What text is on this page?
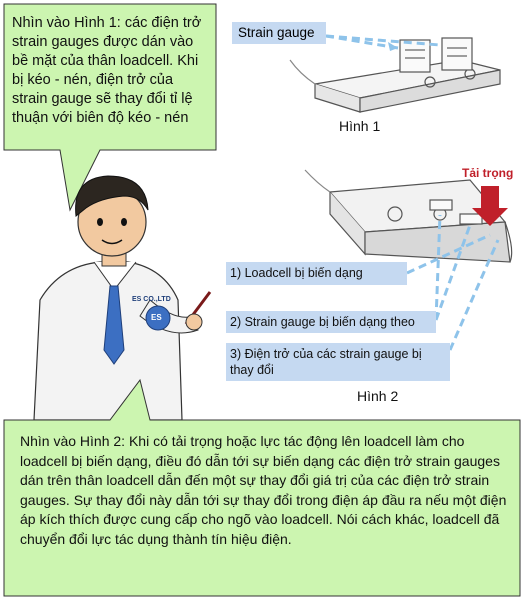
Nhìn vào Hình 1: các điện trở strain gauges được dán vào bề mặt của thân loadcell. Khi bị kéo - nén, điện trở của strain gauge sẽ thay đổi tỉ lệ thuận với biên độ kéo - nén
Strain gauge
Hình 1
Tải trọng
1) Loadcell bị biến dạng
2) Strain gauge bị biến dạng theo
3) Điện trở của các strain gauge bị thay đổi
Hình 2
ES CO.,LTD
ES
Nhìn vào Hình 2: Khi có tải trọng hoặc lực tác động lên loadcell làm cho loadcell bị biến dạng, điều đó dẫn tới sự biến dạng các điện trở strain gauges dán trên thân loadcell dẫn đến một sự thay đổi giá trị của các điện trở strain gauges. Sự thay đổi này dẫn tới sự thay đổi trong điện áp đầu ra nếu một điện áp kích thích được cung cấp cho ngõ vào loadcell. Nói cách khác, loadcell đã chuyển đổi lực tác dụng thành tín hiệu điện.
